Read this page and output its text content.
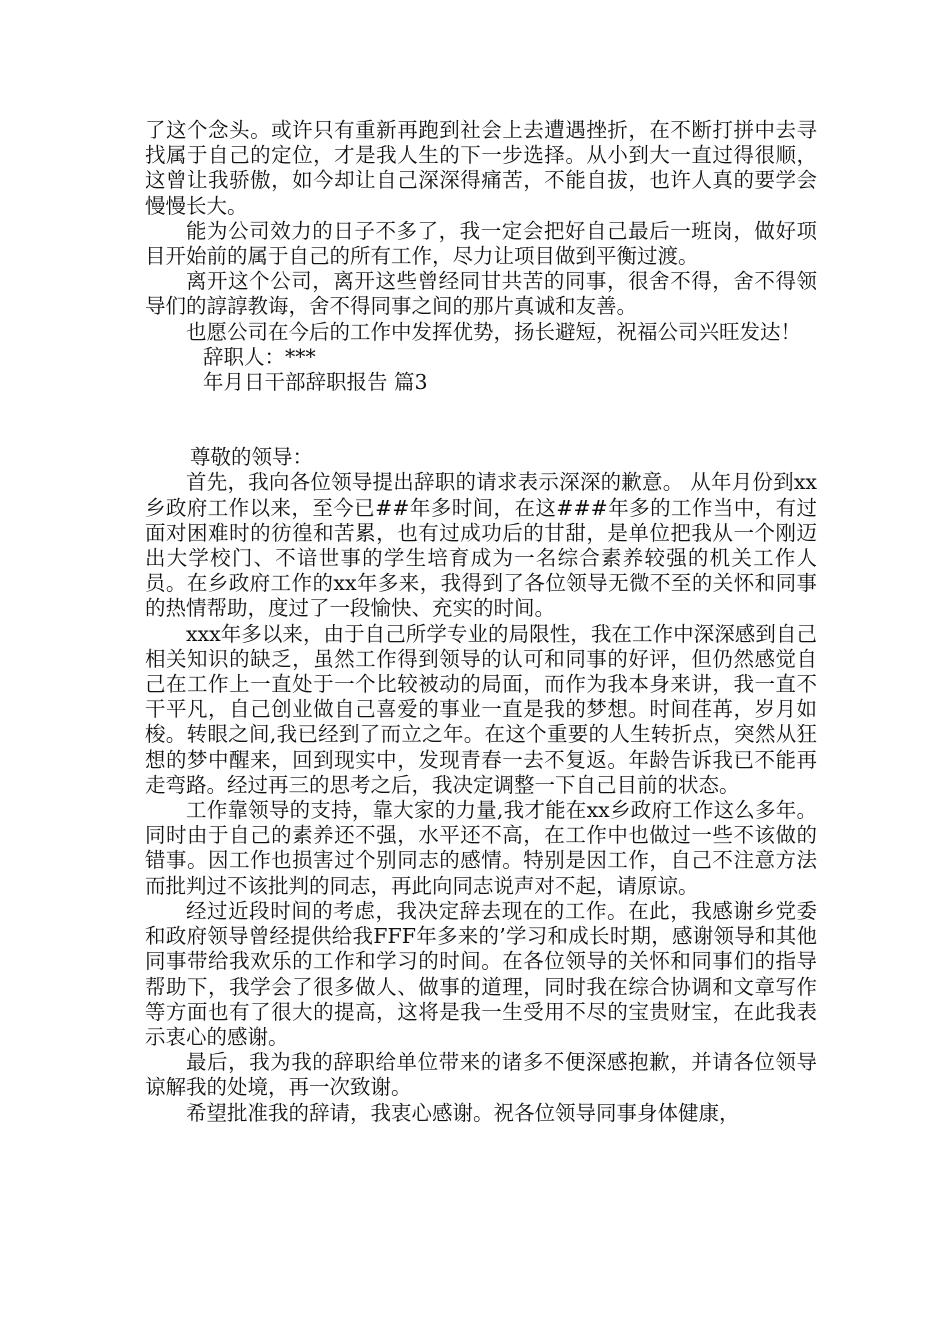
了这个念头。或许只有重新再跑到社会上去遭遇挫折，在不断打拼中去寻找属于自己的定位，才是我人生的下一步选择。从小到大一直过得很顺，这曾让我骄傲，如今却让自己深深得痛苦，不能自拔，也许人真的要学会慢慢长大。

能为公司效力的日子不多了，我一定会把好自己最后一班岗，做好项目开始前的属于自己的所有工作，尽力让项目做到平衡过渡。

离开这个公司，离开这些曾经同甘共苦的同事，很舍不得，舍不得领导们的諄諄教诲，舍不得同事之间的那片真诚和友善。

也愿公司在今后的工作中发挥优势，扬长避短，祝福公司兴旺发达！

辞职人：***

年月日干部辞职报告 篇3

尊敬的领导：

首先，我向各位领导提出辞职的请求表示深深的歉意。 从年月份到xx乡政府工作以来，至今已##年多时间，在这###年多的工作当中，有过面对困难时的彷徨和苦累，也有过成功后的甘甜，是单位把我从一个刚迈出大学校门、不谙世事的学生培育成为一名综合素养较强的机关工作人员。在乡政府工作的xx年多来，我得到了各位领导无微不至的关怀和同事的热情帮助，度过了一段愉快、充实的时间。

xxx年多以来，由于自己所学专业的局限性，我在工作中深深感到自己相关知识的缺乏，虽然工作得到领导的认可和同事的好评，但仍然感觉自己在工作上一直处于一个比较被动的局面，而作为我本身来讲，我一直不干平凡，自己创业做自己喜爱的事业一直是我的梦想。时间荏苒，岁月如梭。转眼之间,我已经到了而立之年。在这个重要的人生转折点，突然从狂想的梦中醒来，回到现实中，发现青春一去不复返。年龄告诉我已不能再走弯路。经过再三的思考之后，我决定调整一下自己目前的状态。

工作靠领导的支持，靠大家的力量,我才能在xx乡政府工作这么多年。同时由于自己的素养还不强，水平还不高，在工作中也做过一些不该做的错事。因工作也损害过个别同志的感情。特别是因工作，自己不注意方法而批判过不该批判的同志，再此向同志说声对不起，请原谅。

经过近段时间的考虑，我决定辞去现在的工作。在此，我感谢乡党委和政府领导曾经提供给我FFF年多来的’学习和成长时期，感谢领导和其他同事带给我欢乐的工作和学习的时间。在各位领导的关怀和同事们的指导帮助下，我学会了很多做人、做事的道理，同时我在综合协调和文章写作等方面也有了很大的提高，这将是我一生受用不尽的宝贵财宝，在此我表示衷心的感谢。

最后，我为我的辞职给单位带来的诸多不便深感抱歉，并请各位领导谅解我的处境，再一次致谢。

希望批准我的辞请，我衷心感谢。祝各位领导同事身体健康，
